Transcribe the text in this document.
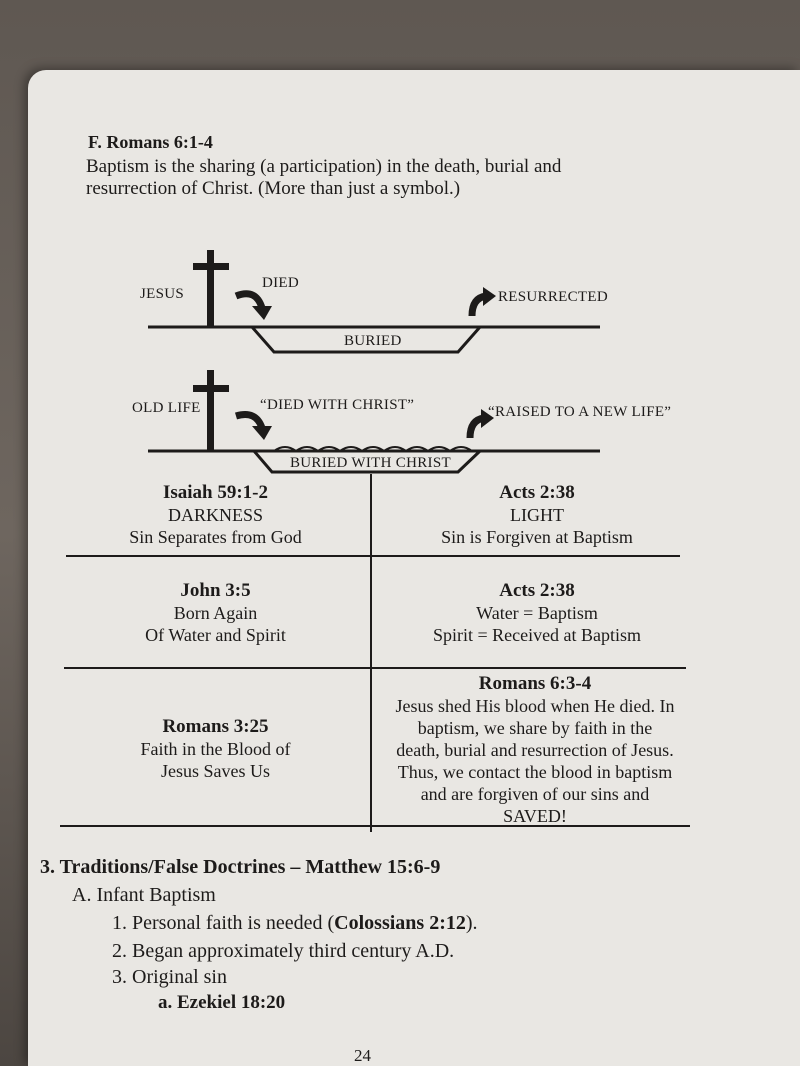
F. Romans 6:1-4
Baptism is the sharing (a participation) in the death, burial and
resurrection of Christ. (More than just a symbol.)
JESUS
DIED
RESURRECTED
BURIED
OLD LIFE	“DIED WITH CHRIST”	“RAISED TO A NEW LIFE”
BURIED WITH CHRIST
Isaiah 59:1-2
DARKNESS
Sin Separates from God
Acts 2:38
LIGHT
Sin is Forgiven at Baptism
John 3:5
Born Again
Of Water and Spirit
Acts 2:38
Water = Baptism
Spirit = Received at Baptism
Romans 3:25
Faith in the Blood of
Jesus Saves Us
Romans 6:3-4
Jesus shed His blood when He died. In
baptism, we share by faith in the
death, burial and resurrection of Jesus.
Thus, we contact the blood in baptism
and are forgiven of our sins and
SAVED!
3. Traditions/False Doctrines – Matthew 15:6-9
A. Infant Baptism
1. Personal faith is needed (Colossians 2:12).
2. Began approximately third century A.D.
3. Original sin
a. Ezekiel 18:20
24
